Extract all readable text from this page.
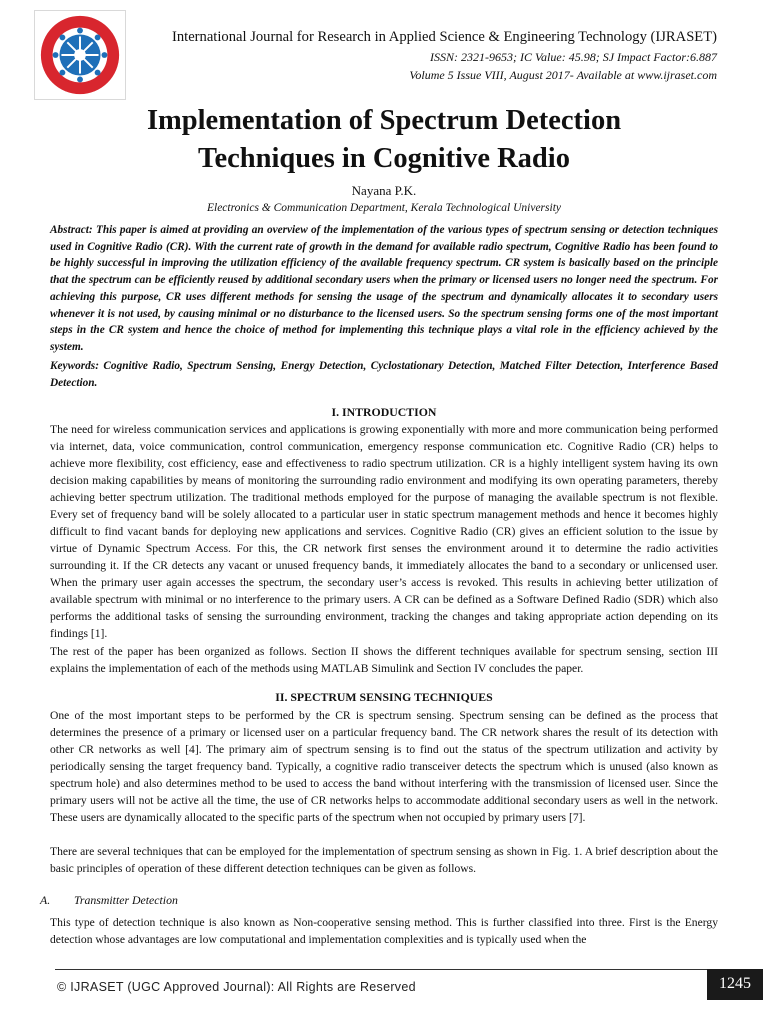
International Journal for Research in Applied Science & Engineering Technology (IJRASET)
ISSN: 2321-9653; IC Value: 45.98; SJ Impact Factor:6.887
Volume 5 Issue VIII, August 2017- Available at www.ijraset.com
Implementation of Spectrum Detection
Techniques in Cognitive Radio
Nayana P.K.
Electronics & Communication Department, Kerala Technological University
Abstract: This paper is aimed at providing an overview of the implementation of the various types of spectrum sensing or detection techniques used in Cognitive Radio (CR). With the current rate of growth in the demand for available radio spectrum, Cognitive Radio has been found to be highly successful in improving the utilization efficiency of the available frequency spectrum. CR system is basically based on the principle that the spectrum can be efficiently reused by additional secondary users when the primary or licensed users no longer need the spectrum. For achieving this purpose, CR uses different methods for sensing the usage of the spectrum and dynamically allocates it to secondary users whenever it is not used, by causing minimal or no disturbance to the licensed users. So the spectrum sensing forms one of the most important steps in the CR system and hence the choice of method for implementing this technique plays a vital role in the efficiency achieved by the system.
Keywords: Cognitive Radio, Spectrum Sensing, Energy Detection, Cyclostationary Detection, Matched Filter Detection, Interference Based Detection.
I. INTRODUCTION
The need for wireless communication services and applications is growing exponentially with more and more communication being performed via internet, data, voice communication, control communication, emergency response communication etc. Cognitive Radio (CR) helps to achieve more flexibility, cost efficiency, ease and effectiveness to radio spectrum utilization. CR is a highly intelligent system having its own decision making capabilities by means of monitoring the surrounding radio environment and modifying its own operating parameters, thereby achieving better spectrum utilization. The traditional methods employed for the purpose of managing the available spectrum is not flexible. Every set of frequency band will be solely allocated to a particular user in static spectrum management methods and hence it becomes highly difficult to find vacant bands for deploying new applications and services. Cognitive Radio (CR) gives an efficient solution to the issue by virtue of Dynamic Spectrum Access. For this, the CR network first senses the environment around it to determine the radio activities surrounding it. If the CR detects any vacant or unused frequency bands, it immediately allocates the band to a secondary or unlicensed user. When the primary user again accesses the spectrum, the secondary user’s access is revoked. This results in achieving better utilization of available spectrum with minimal or no interference to the primary users. A CR can be defined as a Software Defined Radio (SDR) which also performs the additional tasks of sensing the surrounding environment, tracking the changes and taking appropriate action depending on its findings [1].
The rest of the paper has been organized as follows. Section II shows the different techniques available for spectrum sensing, section III explains the implementation of each of the methods using MATLAB Simulink and Section IV concludes the paper.
II. SPECTRUM SENSING TECHNIQUES
One of the most important steps to be performed by the CR is spectrum sensing. Spectrum sensing can be defined as the process that determines the presence of a primary or licensed user on a particular frequency band. The CR network shares the result of its detection with other CR networks as well [4]. The primary aim of spectrum sensing is to find out the status of the spectrum utilization and activity by periodically sensing the target frequency band. Typically, a cognitive radio transceiver detects the spectrum which is unused (also known as spectrum hole) and also determines method to be used to access the band without interfering with the transmission of licensed user. Since the primary users will not be active all the time, the use of CR networks helps to accommodate additional secondary users as well in the network. These users are dynamically allocated to the specific parts of the spectrum when not occupied by primary users [7].
There are several techniques that can be employed for the implementation of spectrum sensing as shown in Fig. 1. A brief description about the basic principles of operation of these different detection techniques can be given as follows.
A. Transmitter Detection
This type of detection technique is also known as Non-cooperative sensing method. This is further classified into three. First is the Energy detection whose advantages are low computational and implementation complexities and is typically used when the
© IJRASET (UGC Approved Journal): All Rights are Reserved	1245
